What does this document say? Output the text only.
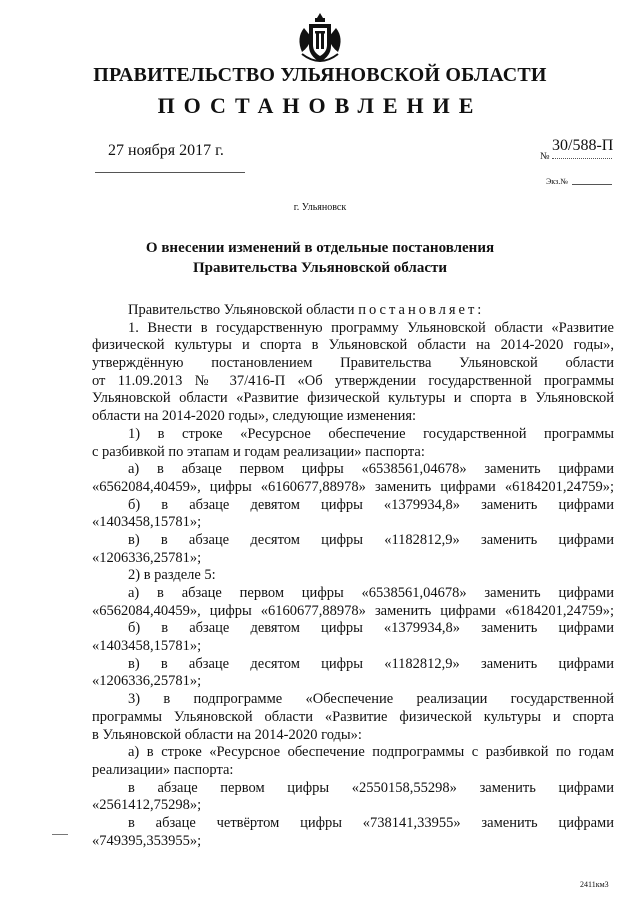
ПРАВИТЕЛЬСТВО УЛЬЯНОВСКОЙ ОБЛАСТИ
ПОСТАНОВЛЕНИЕ
27 ноября 2017 г.	№
30/588-П
Экз.№
г. Ульяновск
О внесении изменений в отдельные постановления
Правительства Ульяновской области
Правительство Ульяновской области постановляет:
1. Внести в государственную программу Ульяновской области «Развитие
физической культуры и спорта в Ульяновской области на 2014-2020 годы»,
утверждённую постановлением Правительства Ульяновской области
от 11.09.2013 № 37/416-П «Об утверждении государственной программы
Ульяновской области «Развитие физической культуры и спорта в Ульяновской
области на 2014-2020 годы», следующие изменения:
1) в строке «Ресурсное обеспечение государственной программы
с разбивкой по этапам и годам реализации» паспорта:
а) в абзаце первом цифры «6538561,04678» заменить цифрами
«6562084,40459», цифры «6160677,88978» заменить цифрами «6184201,24759»;
б) в абзаце девятом цифры «1379934,8» заменить цифрами
«1403458,15781»;
в) в абзаце десятом цифры «1182812,9» заменить цифрами
«1206336,25781»;
2) в разделе 5:
а) в абзаце первом цифры «6538561,04678» заменить цифрами
«6562084,40459», цифры «6160677,88978» заменить цифрами «6184201,24759»;
б) в абзаце девятом цифры «1379934,8» заменить цифрами
«1403458,15781»;
в) в абзаце десятом цифры «1182812,9» заменить цифрами
«1206336,25781»;
3) в подпрограмме «Обеспечение реализации государственной
программы Ульяновской области «Развитие физической культуры и спорта
в Ульяновской области на 2014-2020 годы»:
а) в строке «Ресурсное обеспечение подпрограммы с разбивкой по годам
реализации» паспорта:
в абзаце первом цифры «2550158,55298» заменить цифрами
«2561412,75298»;
в абзаце четвёртом цифры «738141,33955» заменить цифрами
«749395,353955»;
2411км3
